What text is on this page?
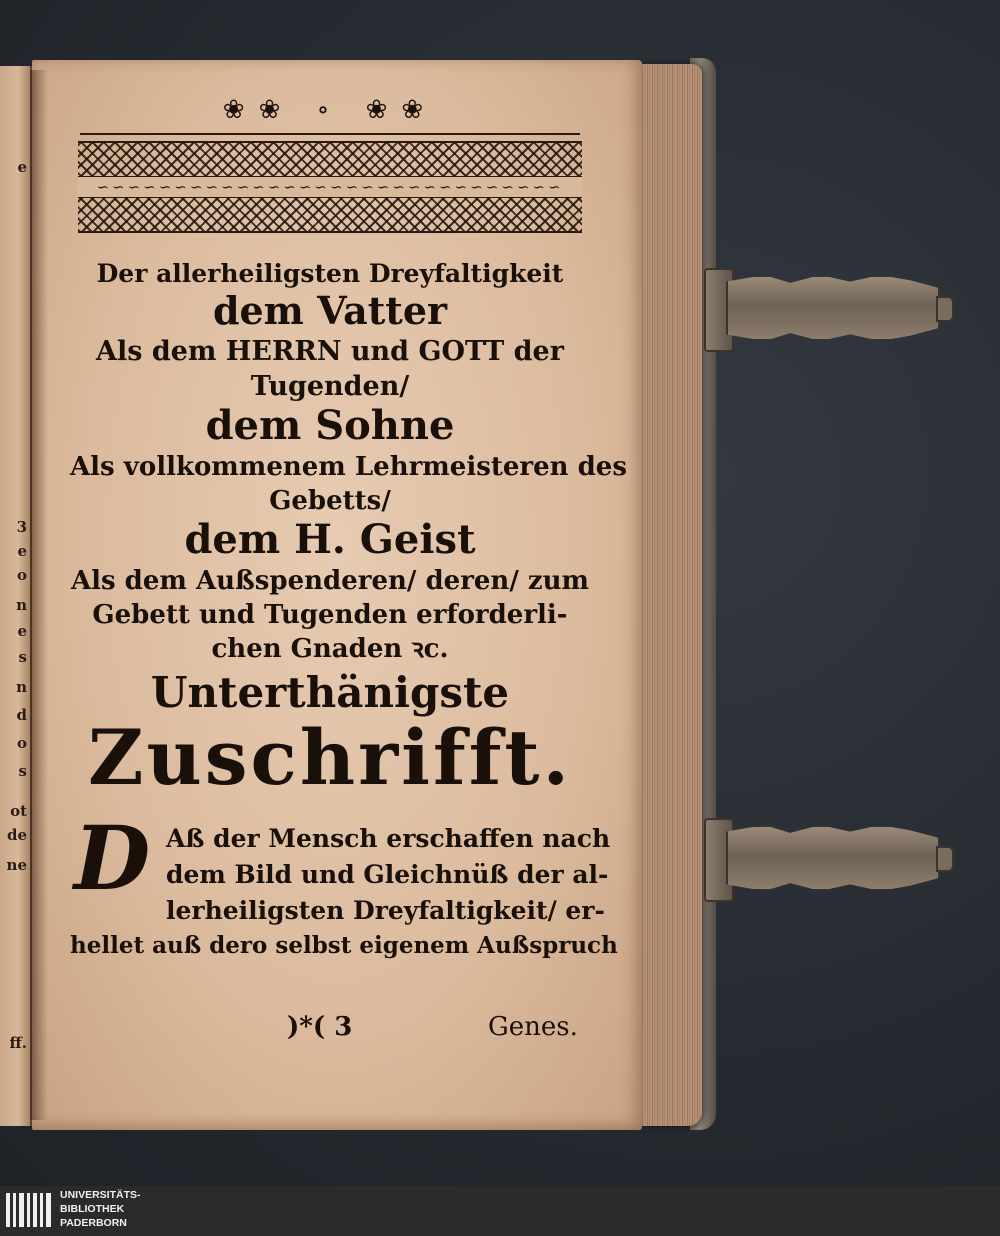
e
3
e
o
n
e
s
n
d
o
s
ot
de
ne
ff.
❀❀ ∘ ❀❀
∽∽∽∽∽∽∽∽∽∽∽∽∽∽∽∽∽∽∽∽∽∽∽∽∽∽∽∽∽∽
Der allerheiligsten Dreyfaltigkeit
dem Vatter
Als dem HERRN und GOTT der
Tugenden/
dem Sohne
Als vollkommenem Lehrmeisteren des
Gebetts/
dem H. Geist
Als dem Außspenderen/ deren/ zum
Gebett und Tugenden erforderli-
chen Gnaden ꝛc.
Unterthänigste
Zuschrifft.
D Aß der Mensch erschaffen nach
dem Bild und Gleichnüß der al-
lerheiligsten Dreyfaltigkeit/ er-
hellet auß dero selbst eigenem Außspruch
)*( 3	Genes.
UNIVERSITÄTS-
BIBLIOTHEK
PADERBORN
